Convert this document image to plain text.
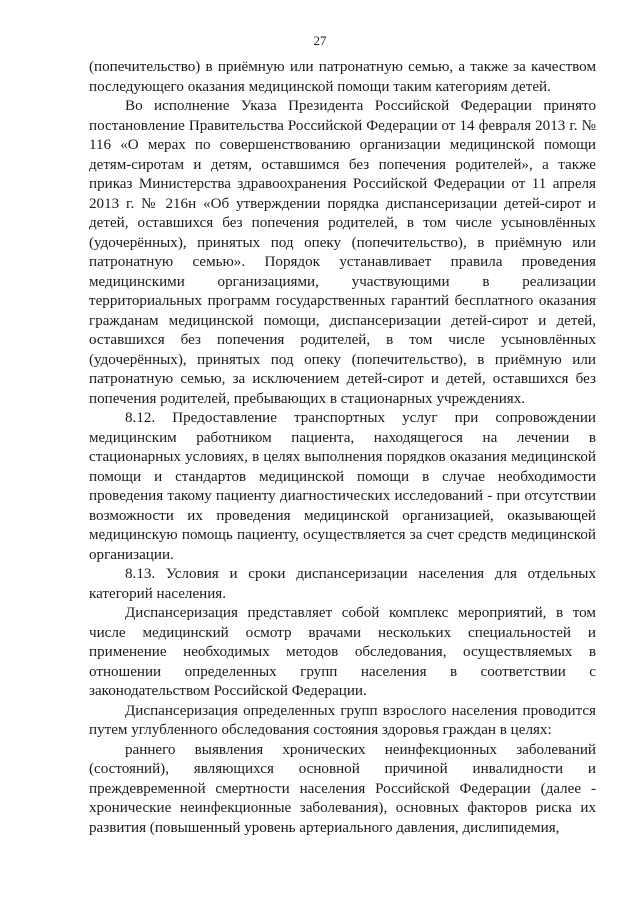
27

(попечительство) в приёмную или патронатную семью, а также за качеством последующего оказания медицинской помощи таким категориям детей.

Во исполнение Указа Президента Российской Федерации принято постановление Правительства Российской Федерации от 14 февраля 2013 г. № 116 «О мерах по совершенствованию организации медицинской помощи детям-сиротам и детям, оставшимся без попечения родителей», а также приказ Министерства здравоохранения Российской Федерации от 11 апреля 2013 г. № 216н «Об утверждении порядка диспансеризации детей-сирот и детей, оставшихся без попечения родителей, в том числе усыновлённых (удочерённых), принятых под опеку (попечительство), в приёмную или патронатную семью». Порядок устанавливает правила проведения медицинскими организациями, участвующими в реализации территориальных программ государственных гарантий бесплатного оказания гражданам медицинской помощи, диспансеризации детей-сирот и детей, оставшихся без попечения родителей, в том числе усыновлённых (удочерённых), принятых под опеку (попечительство), в приёмную или патронатную семью, за исключением детей-сирот и детей, оставшихся без попечения родителей, пребывающих в стационарных учреждениях.

8.12. Предоставление транспортных услуг при сопровождении медицинским работником пациента, находящегося на лечении в стационарных условиях, в целях выполнения порядков оказания медицинской помощи и стандартов медицинской помощи в случае необходимости проведения такому пациенту диагностических исследований - при отсутствии возможности их проведения медицинской организацией, оказывающей медицинскую помощь пациенту, осуществляется за счет средств медицинской организации.

8.13. Условия и сроки диспансеризации населения для отдельных категорий населения.

Диспансеризация представляет собой комплекс мероприятий, в том числе медицинский осмотр врачами нескольких специальностей и применение необходимых методов обследования, осуществляемых в отношении определенных групп населения в соответствии с законодательством Российской Федерации.

Диспансеризация определенных групп взрослого населения проводится путем углубленного обследования состояния здоровья граждан в целях:

раннего выявления хронических неинфекционных заболеваний (состояний), являющихся основной причиной инвалидности и преждевременной смертности населения Российской Федерации (далее - хронические неинфекционные заболевания), основных факторов риска их развития (повышенный уровень артериального давления, дислипидемия,
